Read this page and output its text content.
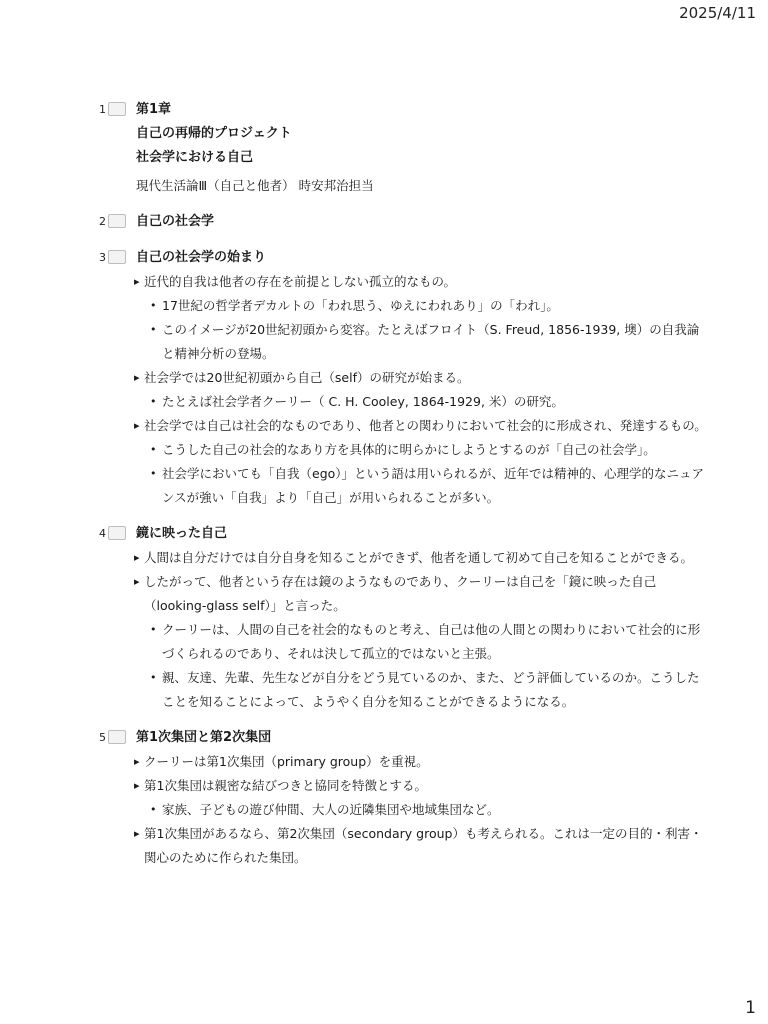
2025/4/11
1 第1章
自己の再帰的プロジェクト
社会学における自己
現代生活論Ⅲ（自己と他者） 時安邦治担当
2 自己の社会学
3 自己の社会学の始まり
▸ 近代的自我は他者の存在を前提としない孤立的なもの。
• 17世紀の哲学者デカルトの「われ思う、ゆえにわれあり」の「われ」。
• このイメージが20世紀初頭から変容。たとえばフロイト（S. Freud, 1856-1939, 墺）の自我論と精神分析の登場。
▸ 社会学では20世紀初頭から自己（self）の研究が始まる。
• たとえば社会学者クーリー（ C. H. Cooley, 1864-1929, 米）の研究。
▸ 社会学では自己は社会的なものであり、他者との関わりにおいて社会的に形成され、発達するもの。
• こうした自己の社会的なあり方を具体的に明らかにしようとするのが「自己の社会学」。
• 社会学においても「自我（ego）」という語は用いられるが、近年では精神的、心理学的なニュアンスが強い「自我」より「自己」が用いられることが多い。
4 鏡に映った自己
▸ 人間は自分だけでは自分自身を知ることができず、他者を通して初めて自己を知ることができる。
▸ したがって、他者という存在は鏡のようなものであり、クーリーは自己を「鏡に映った自己（looking-glass self）」と言った。
• クーリーは、人間の自己を社会的なものと考え、自己は他の人間との関わりにおいて社会的に形づくられるのであり、それは決して孤立的ではないと主張。
• 親、友達、先輩、先生などが自分をどう見ているのか、また、どう評価しているのか。こうしたことを知ることによって、ようやく自分を知ることができるようになる。
5 第1次集団と第2次集団
▸ クーリーは第1次集団（primary group）を重視。
▸ 第1次集団は親密な結びつきと協同を特徴とする。
• 家族、子どもの遊び仲間、大人の近隣集団や地域集団など。
▸ 第1次集団があるなら、第2次集団（secondary group）も考えられる。これは一定の目的・利害・関心のために作られた集団。
1
